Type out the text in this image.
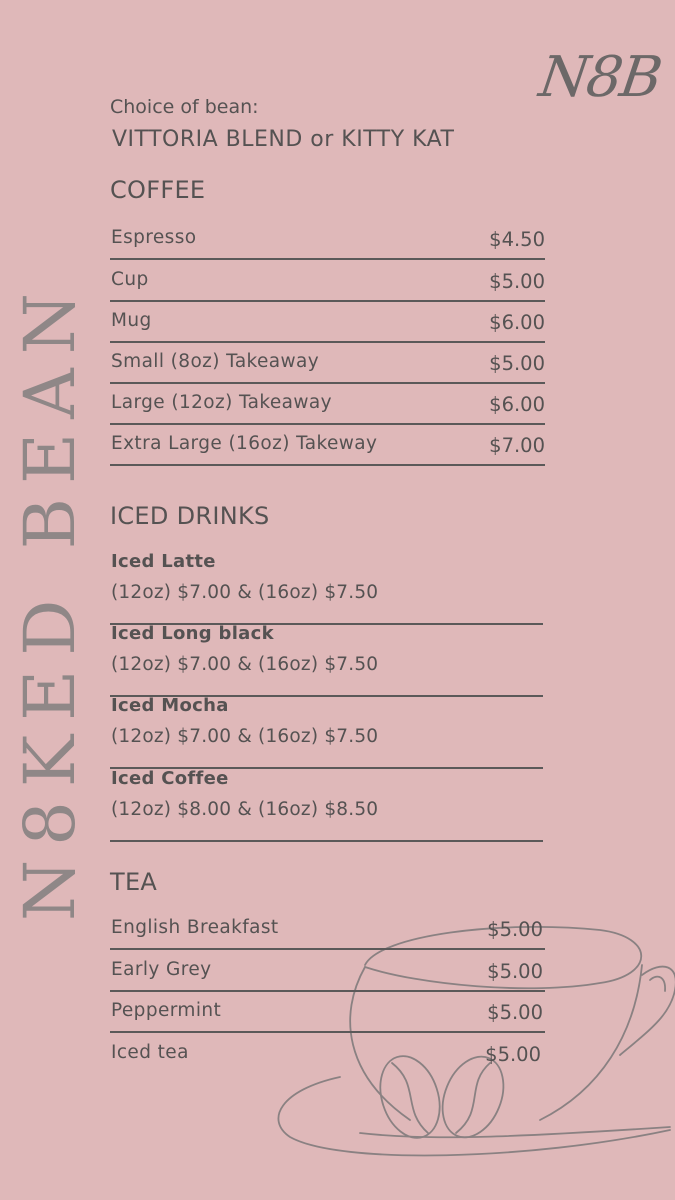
N8KED BEAN
N8B
Choice of bean:
VITTORIA BLEND or KITTY KAT
COFFEE
Espresso	$4.50
Cup	$5.00
Mug	$6.00
Small (8oz) Takeaway	$5.00
Large (12oz) Takeaway	$6.00
Extra Large (16oz) Takeway	$7.00
ICED DRINKS
Iced Latte
(12oz) $7.00 & (16oz) $7.50
Iced Long black
(12oz) $7.00 & (16oz) $7.50
Iced Mocha
(12oz) $7.00 & (16oz) $7.50
Iced Coffee
(12oz) $8.00 & (16oz) $8.50
TEA
English Breakfast	$5.00
Early Grey	$5.00
Peppermint	$5.00
Iced tea	$5.00
